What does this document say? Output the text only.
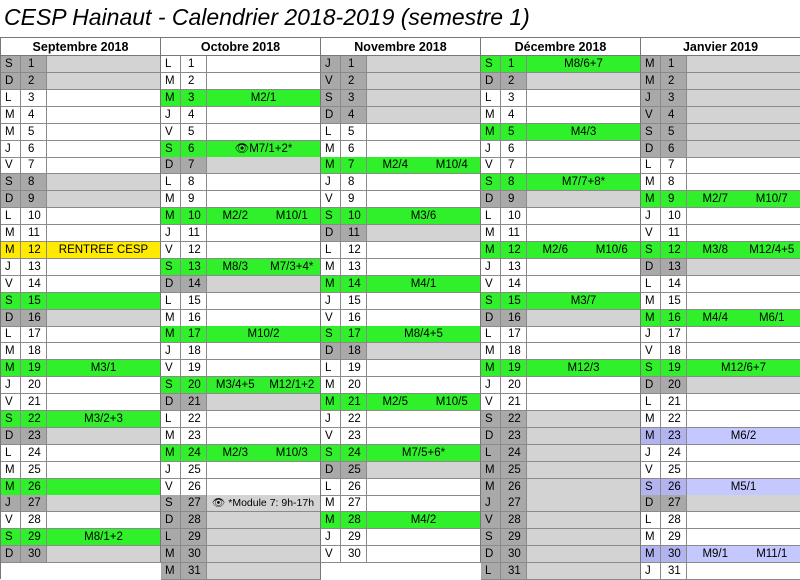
CESP Hainaut - Calendrier 2018-2019 (semestre 1)
Septembre 2018
S	1
D	2
L	3
M	4
M	5
J	6
V	7
S	8
D	9
L	10
M	11
M	12	RENTREE CESP
J	13
V	14
S	15
D	16
L	17
M	18
M	19	M3/1
J	20
V	21
S	22	M3/2+3
D	23
L	24
M	25
M	26
J	27
V	28
S	29	M8/1+2
D	30
Octobre 2018
L	1
M	2
M	3	M2/1
J	4
V	5
S	6	👁M7/1+2*
D	7
L	8
M	9
M	10	M2/2	M10/1
J	11
V	12
S	13	M8/3	M7/3+4*
D	14
L	15
M	16
M	17	M10/2
J	18
V	19
S	20	M3/4+5	M12/1+2
D	21
L	22
M	23
M	24	M2/3	M10/3
J	25
V	26
S	27	👁 *Module 7: 9h-17h
D	28
L	29
M	30
M	31
Novembre 2018
J	1
V	2
S	3
D	4
L	5
M	6
M	7	M2/4	M10/4
J	8
V	9
S	10	M3/6
D	11
L	12
M	13
M	14	M4/1
J	15
V	16
S	17	M8/4+5
D	18
L	19
M	20
M	21	M2/5	M10/5
J	22
V	23
S	24	M7/5+6*
D	25
L	26
M	27
M	28	M4/2
J	29
V	30
Décembre 2018
S	1	M8/6+7
D	2
L	3
M	4
M	5	M4/3
J	6
V	7
S	8	M7/7+8*
D	9
L	10
M	11
M	12	M2/6	M10/6
J	13
V	14
S	15	M3/7
D	16
L	17
M	18
M	19	M12/3
J	20
V	21
S	22
D	23
L	24
M	25
M	26
J	27
V	28
S	29
D	30
L	31
Janvier 2019
M	1
M	2
J	3
V	4
S	5
D	6
L	7
M	8
M	9	M2/7	M10/7
J	10
V	11
S	12	M3/8	M12/4+5
D	13
L	14
M	15
M	16	M4/4	M6/1
J	17
V	18
S	19	M12/6+7
D	20
L	21
M	22
M	23	M6/2
J	24
V	25
S	26	M5/1
D	27
L	28
M	29
M	30	M9/1	M11/1
J	31
